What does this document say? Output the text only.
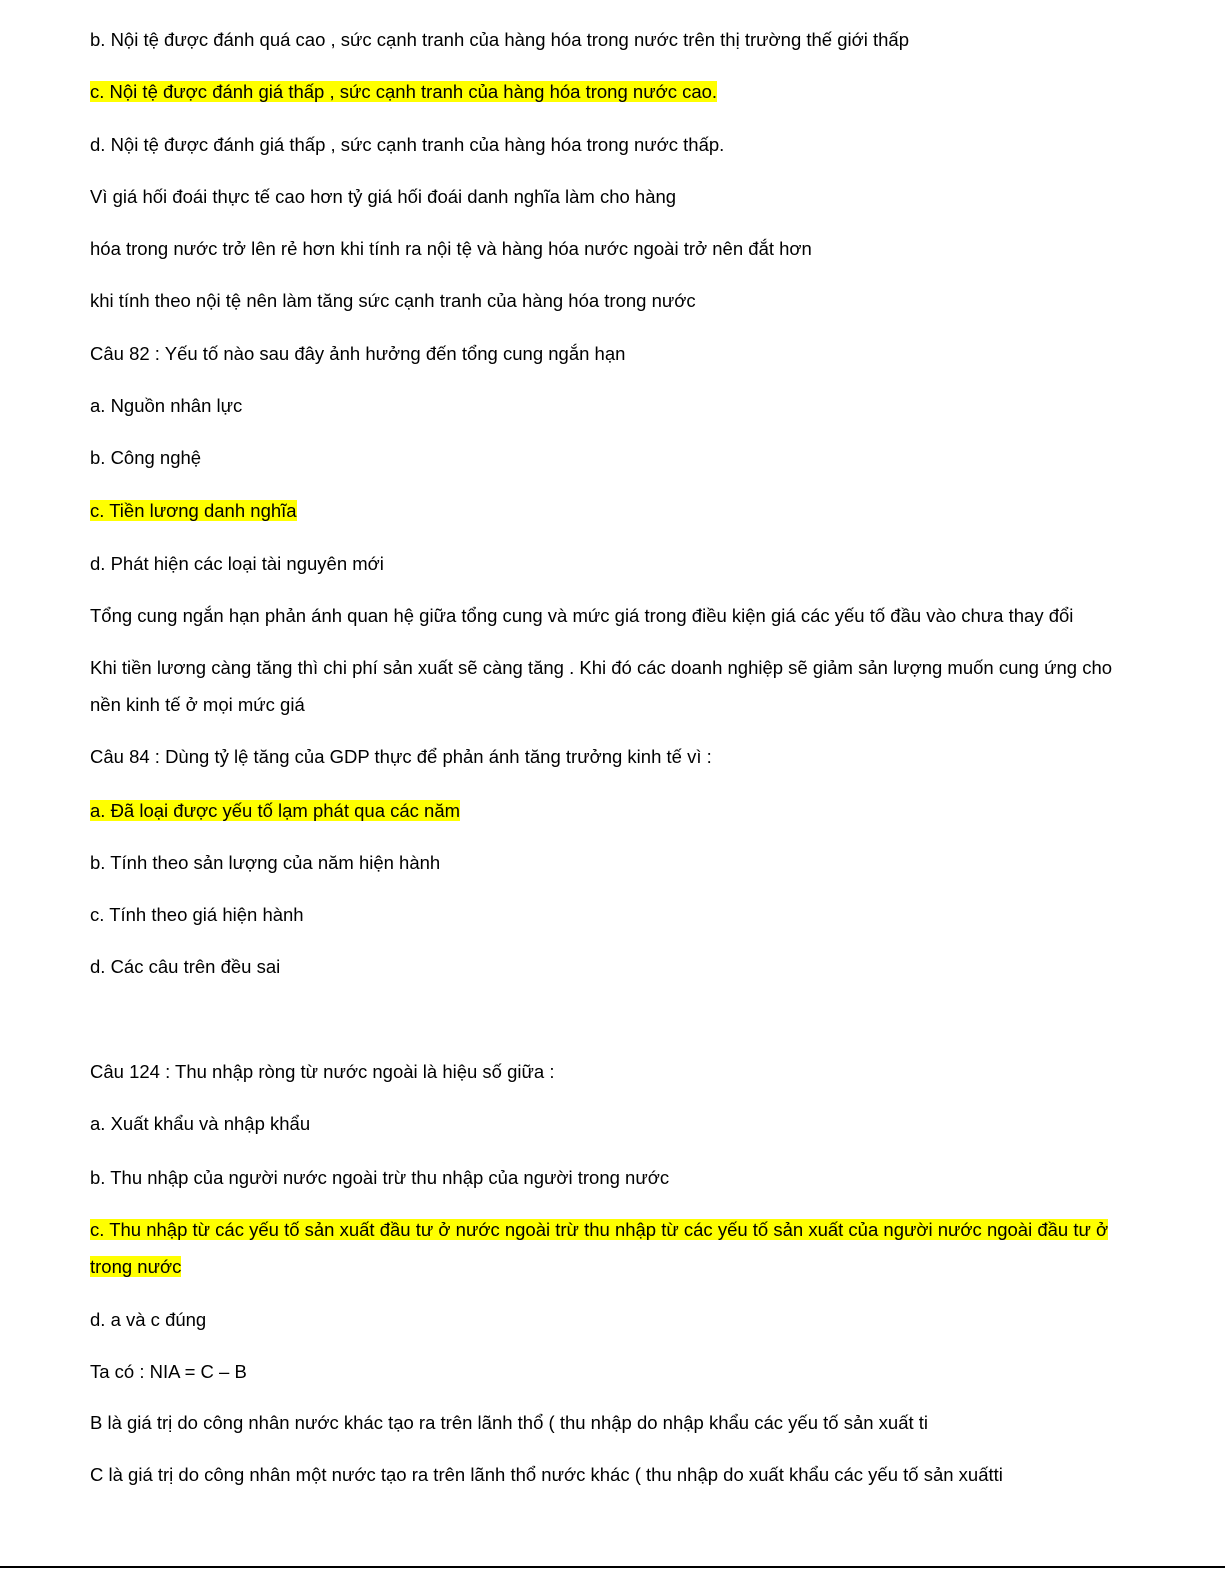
b. Nội tệ được đánh quá cao , sức cạnh tranh của hàng hóa trong nước trên thị trường thế giới thấp
c. Nội tệ được đánh giá thấp , sức cạnh tranh của hàng hóa trong nước cao.
d. Nội tệ được đánh giá thấp , sức cạnh tranh của hàng hóa trong nước thấp.
Vì giá hối đoái thực tế cao hơn tỷ giá hối đoái danh nghĩa làm cho hàng
hóa trong nước trở lên rẻ hơn khi tính ra nội tệ và hàng hóa nước ngoài trở nên đắt hơn
khi tính theo nội tệ nên làm tăng sức cạnh tranh của hàng hóa trong nước
Câu 82 : Yếu tố nào sau đây ảnh hưởng đến tổng cung ngắn hạn
a. Nguồn nhân lực
b. Công nghệ
c. Tiền lương danh nghĩa
d. Phát hiện các loại tài nguyên mới
Tổng cung ngắn hạn phản ánh quan hệ giữa tổng cung và mức giá trong điều kiện giá các yếu tố đầu vào chưa thay đổi
Khi tiền lương càng tăng thì chi phí sản xuất sẽ càng tăng . Khi đó các doanh nghiệp sẽ giảm sản lượng muốn cung ứng cho nền kinh tế ở mọi mức giá
Câu 84 : Dùng tỷ lệ tăng của GDP thực để phản ánh tăng trưởng kinh tế vì :
a. Đã loại được yếu tố lạm phát qua các năm
b. Tính theo sản lượng của năm hiện hành
c. Tính theo giá hiện hành
d. Các câu trên đều sai
Câu 124 : Thu nhập ròng từ nước ngoài là hiệu số giữa :
a. Xuất khẩu và nhập khẩu
b. Thu nhập của người nước ngoài trừ thu nhập của người trong nước
c. Thu nhập từ các yếu tố sản xuất đầu tư ở nước ngoài trừ thu nhập từ các yếu tố sản xuất của người nước ngoài đầu tư ở trong nước
d. a và c đúng
Ta có : NIA = C – B
B là giá trị do công nhân nước khác tạo ra trên lãnh thổ ( thu nhập do nhập khẩu các yếu tố sản xuất ti
C là giá trị do công nhân một nước tạo ra trên lãnh thổ nước khác ( thu nhập do xuất khẩu các yếu tố sản xuấtti
